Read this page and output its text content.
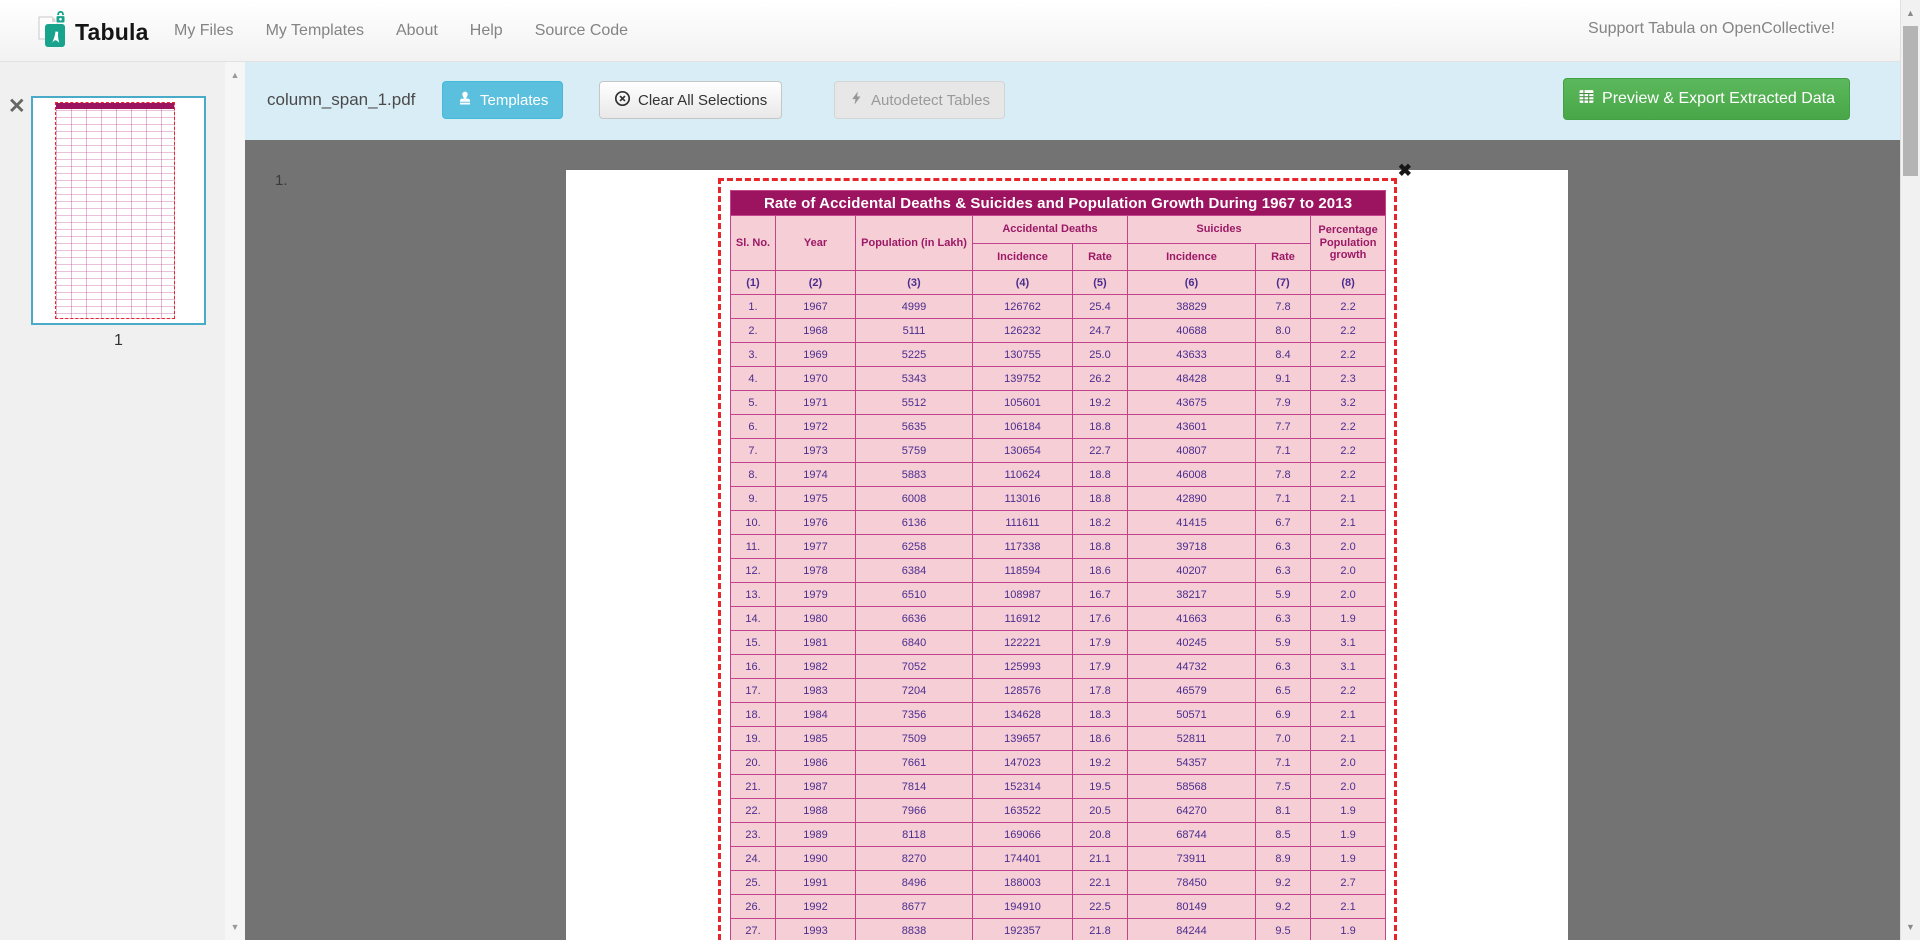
Tabula	My Files	My Templates	About	Help	Source Code	Support Tabula on OpenCollective!
✕
1
▲
▼
column_span_1.pdf	Templates	Clear All Selections	Autodetect Tables	Preview & Export Extracted Data
1.
✖
Rate of Accidental Deaths & Suicides and Population Growth During 1967 to 2013							
Sl. No.	Year	Population (in Lakh)	Accidental Deaths		Suicides		Percentage Population growth
			Incidence	Rate	Incidence	Rate	
(1)	(2)	(3)	(4)	(5)	(6)	(7)	(8)
1.	1967	4999	126762	25.4	38829	7.8	2.2
2.	1968	5111	126232	24.7	40688	8.0	2.2
3.	1969	5225	130755	25.0	43633	8.4	2.2
4.	1970	5343	139752	26.2	48428	9.1	2.3
5.	1971	5512	105601	19.2	43675	7.9	3.2
6.	1972	5635	106184	18.8	43601	7.7	2.2
7.	1973	5759	130654	22.7	40807	7.1	2.2
8.	1974	5883	110624	18.8	46008	7.8	2.2
9.	1975	6008	113016	18.8	42890	7.1	2.1
10.	1976	6136	111611	18.2	41415	6.7	2.1
11.	1977	6258	117338	18.8	39718	6.3	2.0
12.	1978	6384	118594	18.6	40207	6.3	2.0
13.	1979	6510	108987	16.7	38217	5.9	2.0
14.	1980	6636	116912	17.6	41663	6.3	1.9
15.	1981	6840	122221	17.9	40245	5.9	3.1
16.	1982	7052	125993	17.9	44732	6.3	3.1
17.	1983	7204	128576	17.8	46579	6.5	2.2
18.	1984	7356	134628	18.3	50571	6.9	2.1
19.	1985	7509	139657	18.6	52811	7.0	2.1
20.	1986	7661	147023	19.2	54357	7.1	2.0
21.	1987	7814	152314	19.5	58568	7.5	2.0
22.	1988	7966	163522	20.5	64270	8.1	1.9
23.	1989	8118	169066	20.8	68744	8.5	1.9
24.	1990	8270	174401	21.1	73911	8.9	1.9
25.	1991	8496	188003	22.1	78450	9.2	2.7
26.	1992	8677	194910	22.5	80149	9.2	2.1
27.	1993	8838	192357	21.8	84244	9.5	1.9
▲
▼
